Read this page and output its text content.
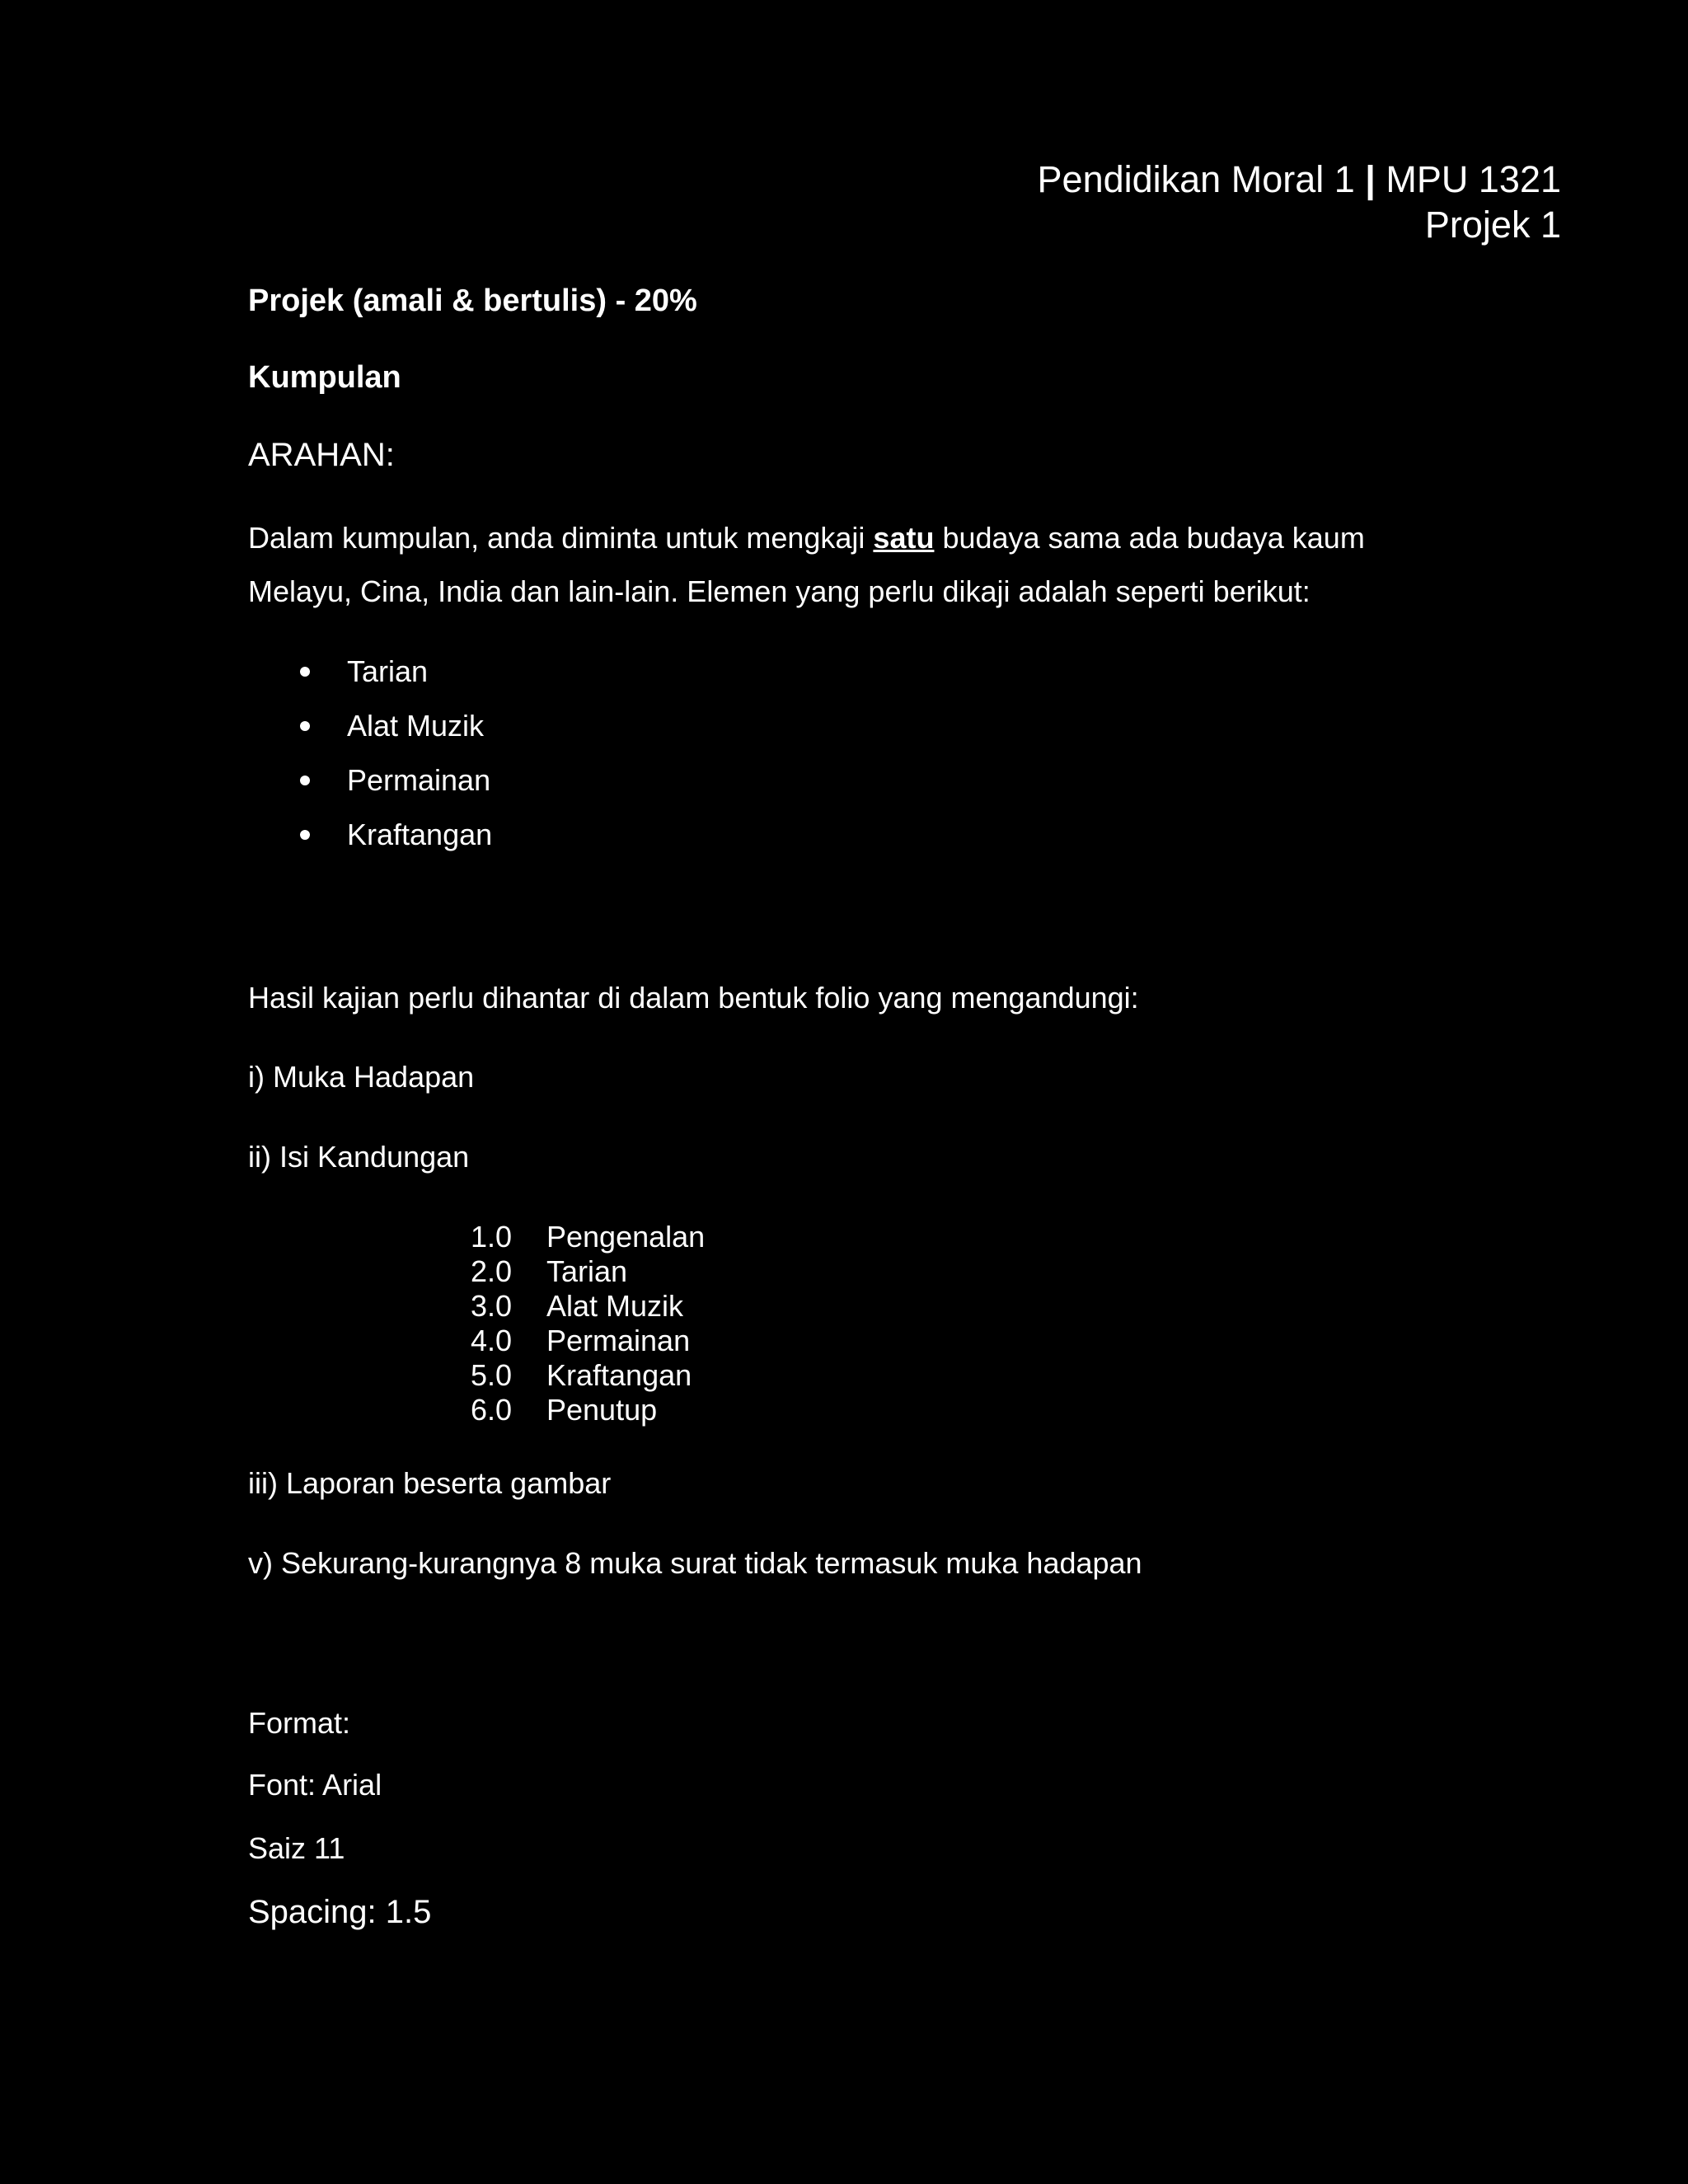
Pendidikan Moral 1 | MPU 1321
Projek 1
Projek (amali & bertulis) - 20%
Kumpulan
ARAHAN:
Dalam kumpulan, anda diminta untuk mengkaji satu budaya sama ada budaya kaum
Melayu, Cina, India dan lain-lain. Elemen yang perlu dikaji adalah seperti berikut:
Tarian
Alat Muzik
Permainan
Kraftangan
Hasil kajian perlu dihantar di dalam bentuk folio yang mengandungi:
i) Muka Hadapan
ii) Isi Kandungan
1.0 Pengenalan
2.0 Tarian
3.0 Alat Muzik
4.0 Permainan
5.0 Kraftangan
6.0 Penutup
iii) Laporan beserta gambar
v) Sekurang-kurangnya 8 muka surat tidak termasuk muka hadapan
Format:
Font: Arial
Saiz 11
Spacing: 1.5
